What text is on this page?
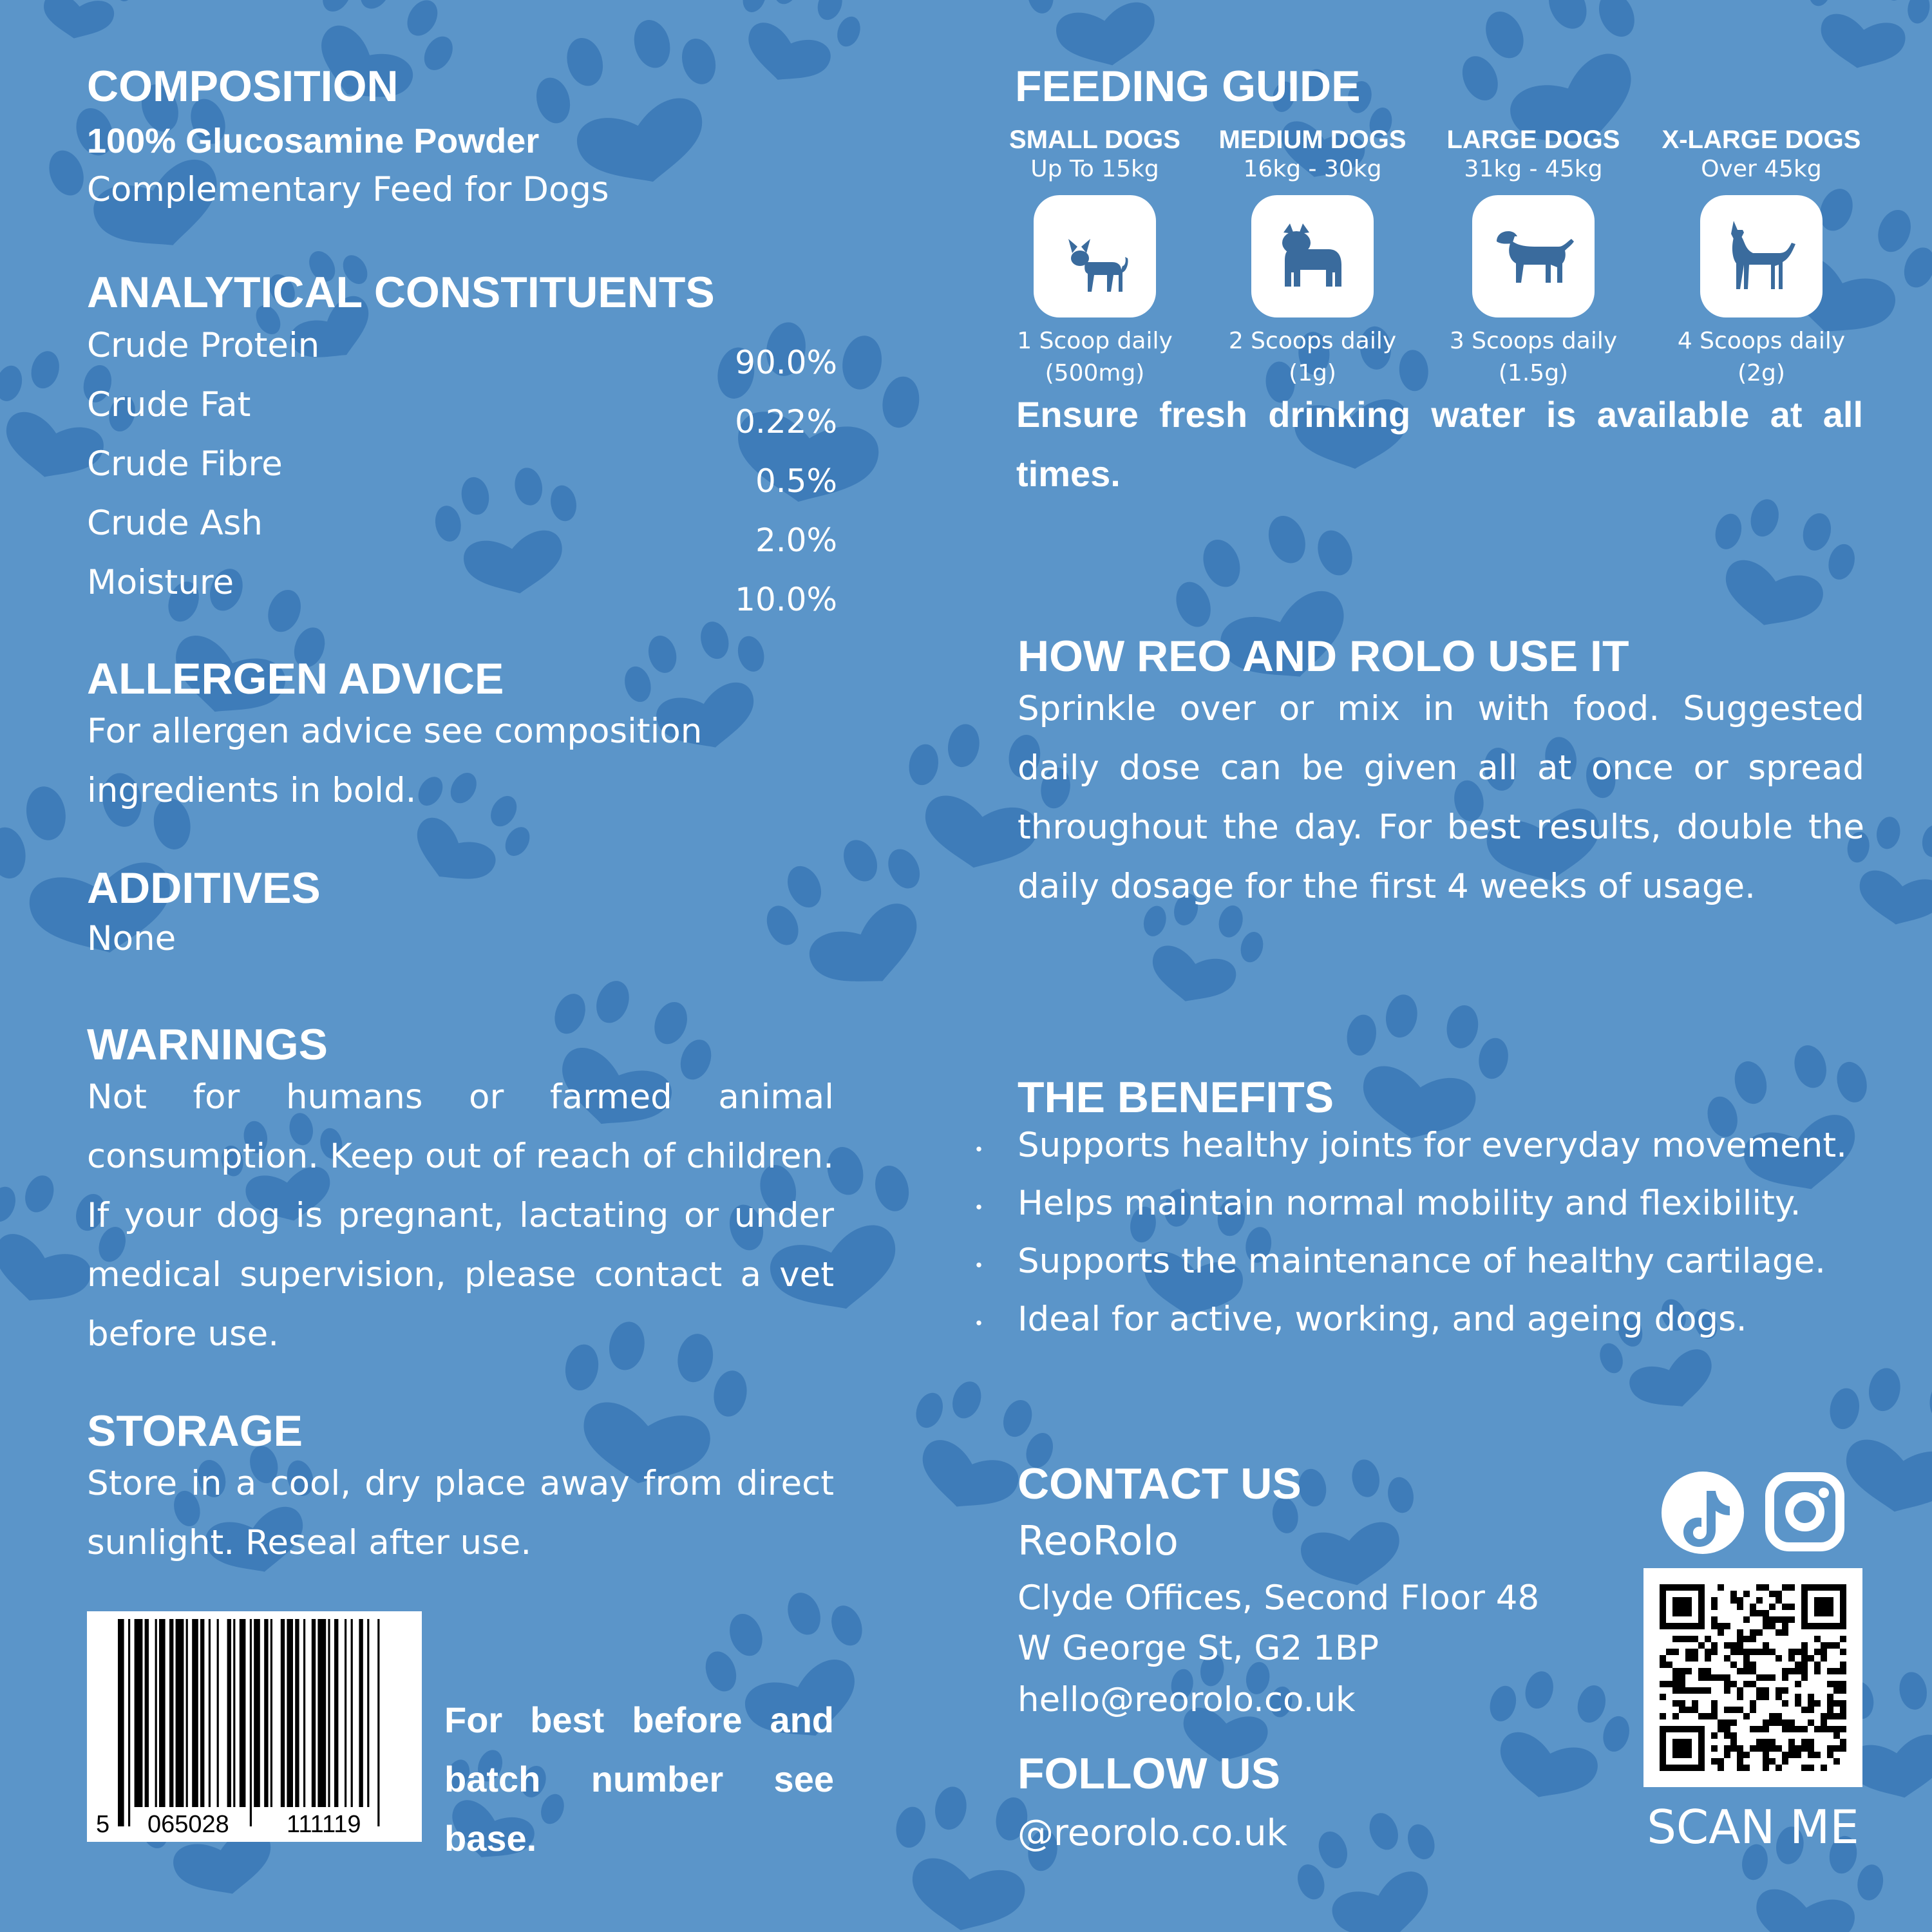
COMPOSITION
100% Glucosamine Powder
Complementary Feed for Dogs
ANALYTICAL CONSTITUENTS
Crude Protein	90.0%
Crude Fat	0.22%
Crude Fibre	0.5%
Crude Ash	2.0%
Moisture	10.0%
ALLERGEN ADVICE
For allergen advice see composition ingredients in bold.
ADDITIVES
None
WARNINGS
Not for humans or farmed animal consumption. Keep out of reach of children. If your dog is pregnant, lactating or under medical supervision, please contact a vet before use.
STORAGE
Store in a cool, dry place away from direct sunlight. Reseal after use.
5 065028 111119
For best before and batch number see base.
FEEDING GUIDE
SMALL DOGS
Up To 15kg
1 Scoop daily
(500mg)
MEDIUM DOGS
16kg - 30kg
2 Scoops daily
(1g)
LARGE DOGS
31kg - 45kg
3 Scoops daily
(1.5g)
X-LARGE DOGS
Over 45kg
4 Scoops daily
(2g)
Ensure fresh drinking water is available at all times.
HOW REO AND ROLO USE IT
Sprinkle over or mix in with food. Suggested daily dose can be given all at once or spread throughout the day. For best results, double the daily dosage for the first 4 weeks of usage.
THE BENEFITS
・ Supports healthy joints for everyday movement.
・ Helps maintain normal mobility and flexibility.
・ Supports the maintenance of healthy cartilage.
・ Ideal for active, working, and ageing dogs.
CONTACT US
ReoRolo
Clyde Offices, Second Floor 48
W George St, G2 1BP
hello@reorolo.co.uk
FOLLOW US
@reorolo.co.uk	SCAN ME
